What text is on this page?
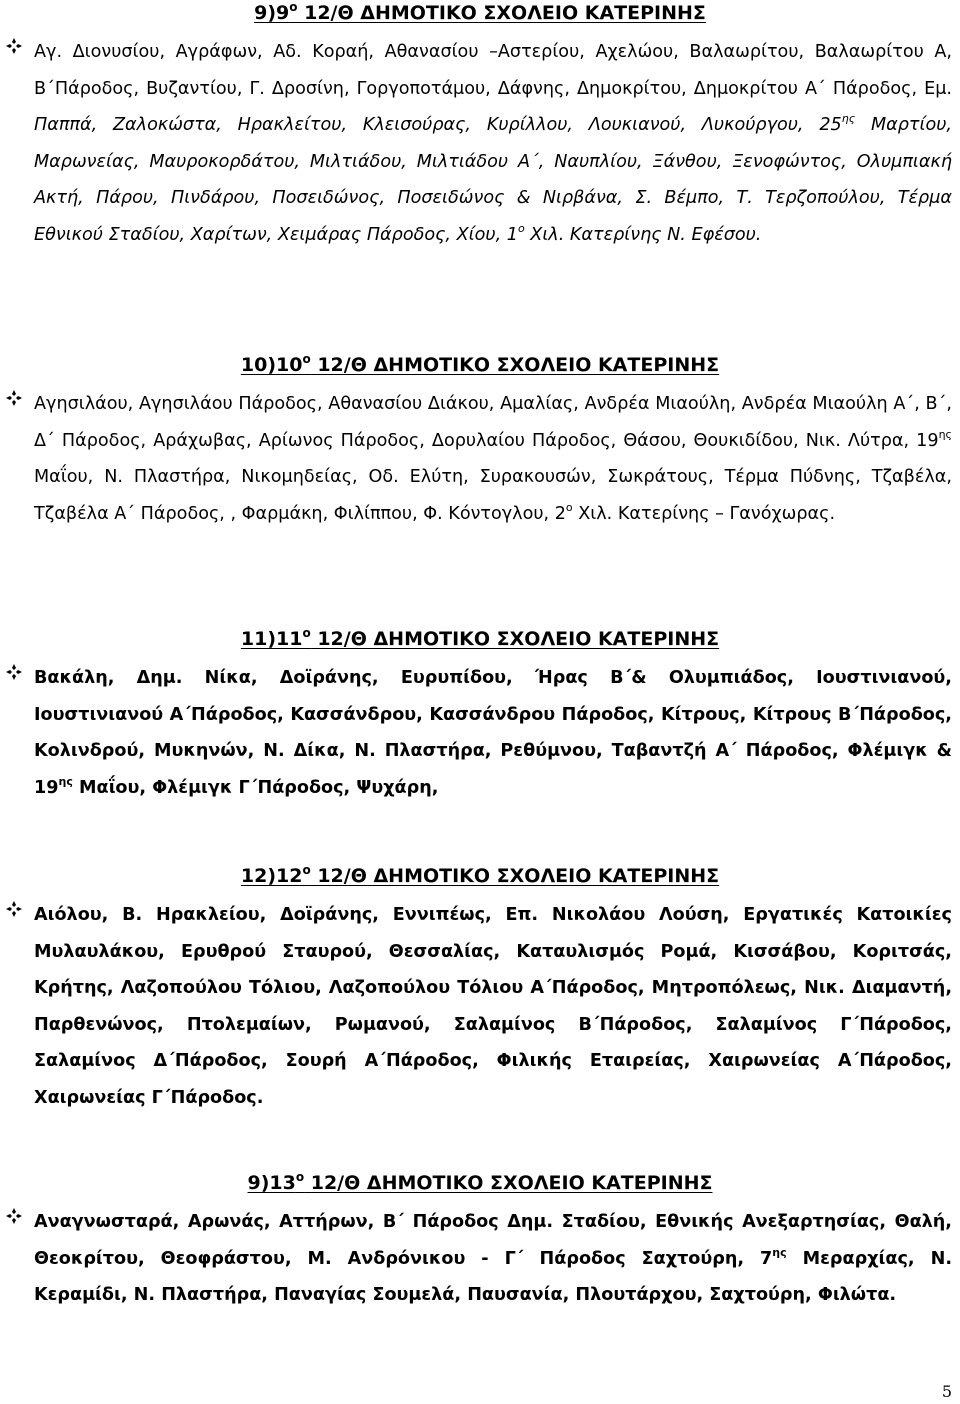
$9)9^o$ 12/Θ ΔΗΜΟΤΙΚΟ ΣΧΟΛΕΙΟ ΚΑΤΕΡΙΝΗΣ

Αγ. Διονυσίου, Αγράφων, Αδ. Κοραή, Αθανασίου –Αστερίου, Αχελώου, Βαλαωρίτου, Βαλαωρίτου Α, Β΄Πάροδος, Βυζαντίου, Γ. Δροσίνη, Γοργοποτάμου, Δάφνης, Δημοκρίτου, Δημοκρίτου Α΄ Πάροδος, Εμ. Παππά, Ζαλοκώστα, Ηρακλείτου, Κλεισούρας, Κυρίλλου, Λουκιανού, Λυκούργου, $25^{\eta\varsigma}$ Μαρτίου, Μαρωνείας, Μαυροκορδάτου, Μιλτιάδου, Μιλτιάδου Α΄, Ναυπλίου, Ξάνθου, Ξενοφώντος, Ολυμπιακή Ακτή, Πάρου, Πινδάρου, Ποσειδώνος, Ποσειδώνος & Νιρβάνα, Σ. Βέμπο, Τ. Τερζοπούλου, Τέρμα Εθνικού Σταδίου, Χαρίτων, Χειμάρας Πάροδος, Χίου, $1^o$ Χιλ. Κατερίνης Ν. Εφέσου.

$10)10^o$ 12/Θ ΔΗΜΟΤΙΚΟ ΣΧΟΛΕΙΟ ΚΑΤΕΡΙΝΗΣ

Αγησιλάου, Αγησιλάου Πάροδος, Αθανασίου Διάκου, Αμαλίας, Ανδρέα Μιαούλη, Ανδρέα Μιαούλη Α΄, Β΄, Δ΄ Πάροδος, Αράχωβας, Αρίωνος Πάροδος, Δορυλαίου Πάροδος, Θάσου, Θουκιδίδου, Νικ. Λύτρα, $19^{\eta\varsigma}$ Μαΐου, Ν. Πλαστήρα, Νικομηδείας, Οδ. Ελύτη, Συρακουσών, Σωκράτους, Τέρμα Πύδνης, Τζαβέλα, Τζαβέλα Α΄ Πάροδος, , Φαρμάκη, Φιλίππου, Φ. Κόντογλου, $2^o$ Χιλ. Κατερίνης – Γανόχωρας.

$11)11^o$ 12/Θ ΔΗΜΟΤΙΚΟ ΣΧΟΛΕΙΟ ΚΑΤΕΡΙΝΗΣ

Βακάλη, Δημ. Νίκα, Δοϊράνης, Ευρυπίδου, Ήρας Β΄& Ολυμπιάδος, Ιουστινιανού, Ιουστινιανού Α΄Πάροδος, Κασσάνδρου, Κασσάνδρου Πάροδος, Κίτρους, Κίτρους Β΄Πάροδος, Κολινδρού, Μυκηνών, Ν. Δίκα, Ν. Πλαστήρα, Ρεθύμνου, Ταβαντζή Α΄ Πάροδος, Φλέμιγκ & $19^{\eta\varsigma}$ Μαΐου, Φλέμιγκ Γ΄Πάροδος, Ψυχάρη,

$12)12^o$ 12/Θ ΔΗΜΟΤΙΚΟ ΣΧΟΛΕΙΟ ΚΑΤΕΡΙΝΗΣ

Αιόλου, Β. Ηρακλείου, Δοϊράνης, Εννιπέως, Επ. Νικολάου Λούση, Εργατικές Κατοικίες Μυλαυλάκου, Ερυθρού Σταυρού, Θεσσαλίας, Καταυλισμός Ρομά, Κισσάβου, Κοριτσάς, Κρήτης, Λαζοπούλου Τόλιου, Λαζοπούλου Τόλιου Α΄Πάροδος, Μητροπόλεως, Νικ. Διαμαντή, Παρθενώνος, Πτολεμαίων, Ρωμανού, Σαλαμίνος Β΄Πάροδος, Σαλαμίνος Γ΄Πάροδος, Σαλαμίνος Δ΄Πάροδος, Σουρή Α΄Πάροδος, Φιλικής Εταιρείας, Χαιρωνείας Α΄Πάροδος, Χαιρωνείας Γ΄Πάροδος.

$9)13^o$ 12/Θ ΔΗΜΟΤΙΚΟ ΣΧΟΛΕΙΟ ΚΑΤΕΡΙΝΗΣ

Αναγνωσταρά, Αρωνάς, Αττήρων, Β΄ Πάροδος Δημ. Σταδίου, Εθνικής Ανεξαρτησίας, Θαλή, Θεοκρίτου, Θεοφράστου, Μ. Ανδρόνικου - Γ΄ Πάροδος Σαχτούρη, $7^{\eta\varsigma}$ Μεραρχίας, Ν. Κεραμίδι, Ν. Πλαστήρα, Παναγίας Σουμελά, Παυσανία, Πλουτάρχου, Σαχτούρη, Φιλώτα.

5
